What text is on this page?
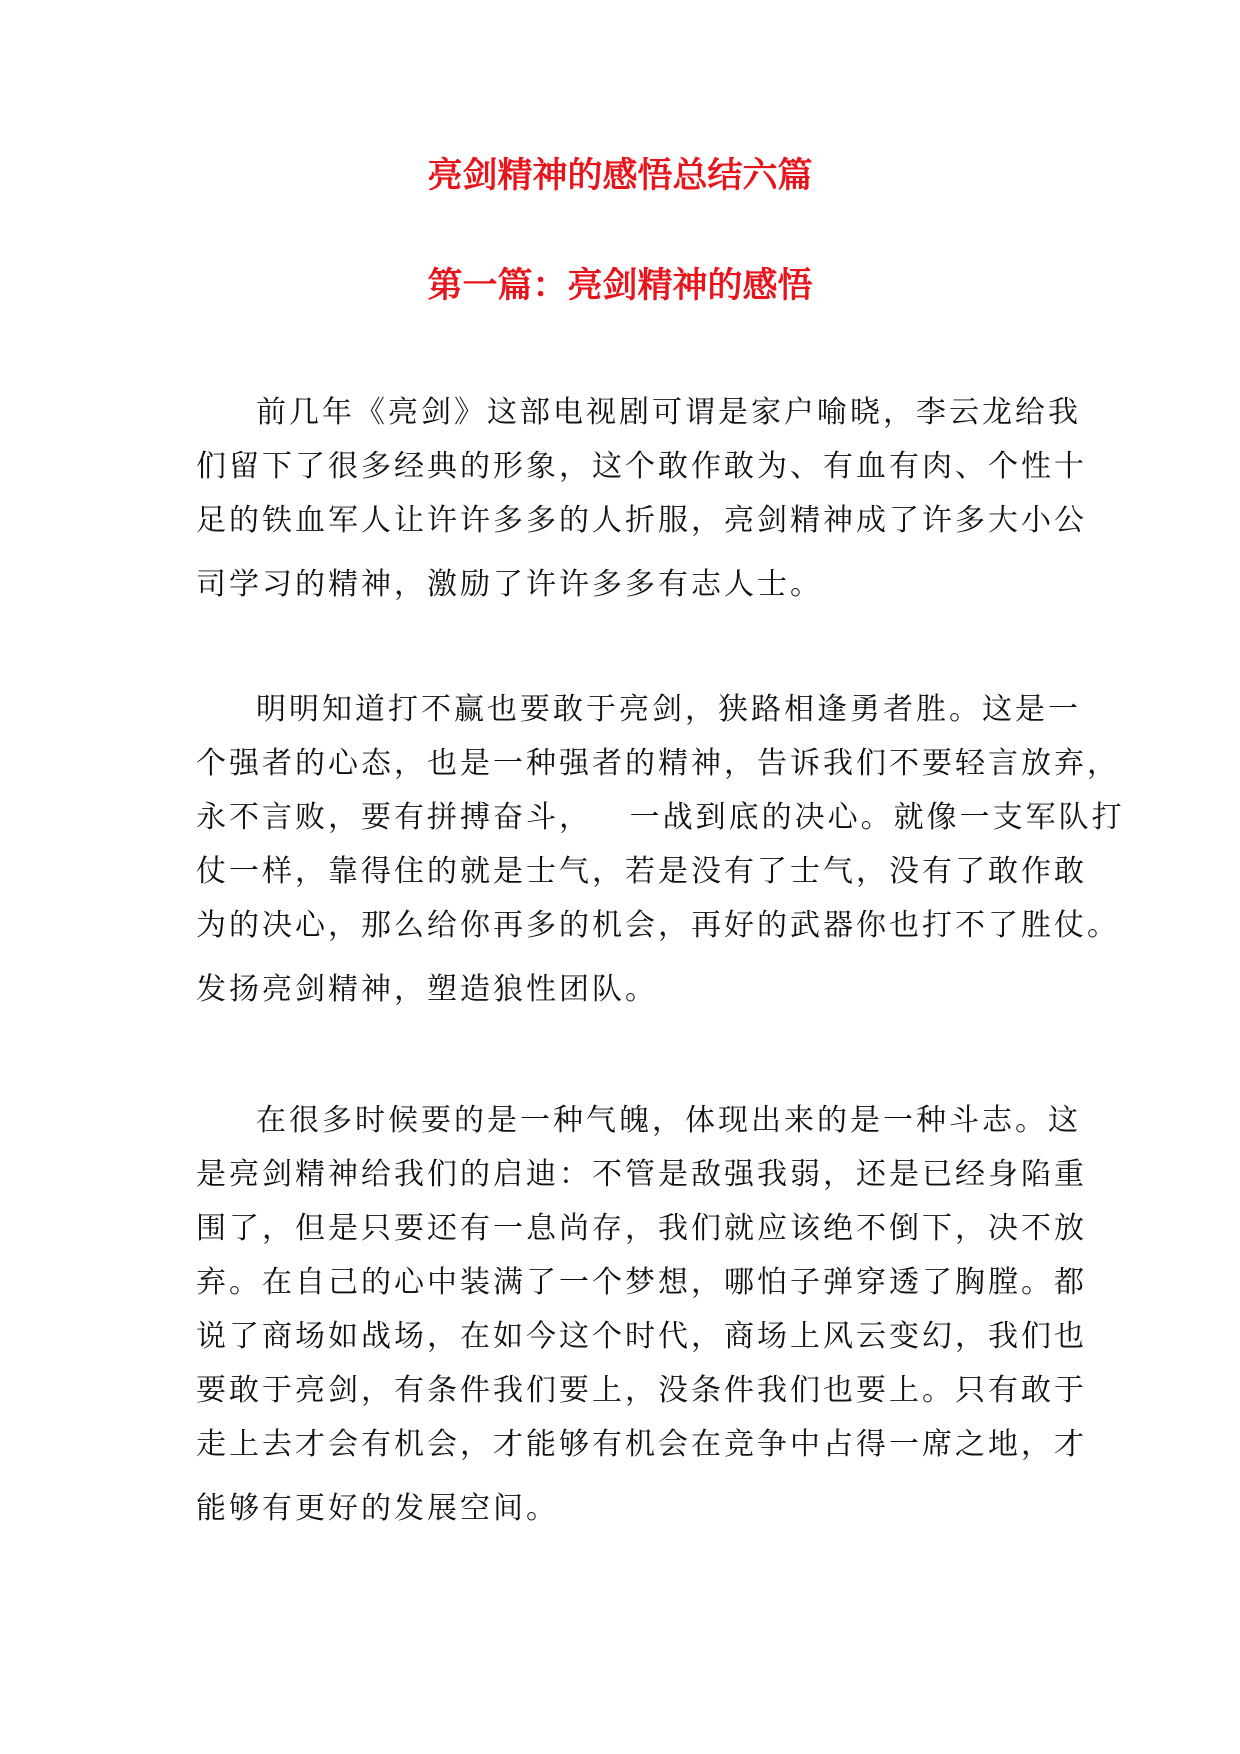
亮剑精神的感悟总结六篇
第一篇：亮剑精神的感悟
前几年《亮剑》这部电视剧可谓是家户喻晓，李云龙给我
们留下了很多经典的形象，这个敢作敢为、有血有肉、个性十
足的铁血军人让许许多多的人折服，亮剑精神成了许多大小公
司学习的精神，激励了许许多多有志人士。
明明知道打不赢也要敢于亮剑，狭路相逢勇者胜。这是一
个强者的心态，也是一种强者的精神，告诉我们不要轻言放弃，
永不言败，要有拼搏奋斗，   一战到底的决心。就像一支军队打
仗一样，靠得住的就是士气，若是没有了士气，没有了敢作敢
为的决心，那么给你再多的机会，再好的武器你也打不了胜仗。
发扬亮剑精神，塑造狼性团队。
在很多时候要的是一种气魄，体现出来的是一种斗志。这
是亮剑精神给我们的启迪：不管是敌强我弱，还是已经身陷重
围了，但是只要还有一息尚存，我们就应该绝不倒下，决不放
弃。在自己的心中装满了一个梦想，哪怕子弹穿透了胸膛。都
说了商场如战场，在如今这个时代，商场上风云变幻，我们也
要敢于亮剑，有条件我们要上，没条件我们也要上。只有敢于
走上去才会有机会，才能够有机会在竞争中占得一席之地，才
能够有更好的发展空间。
